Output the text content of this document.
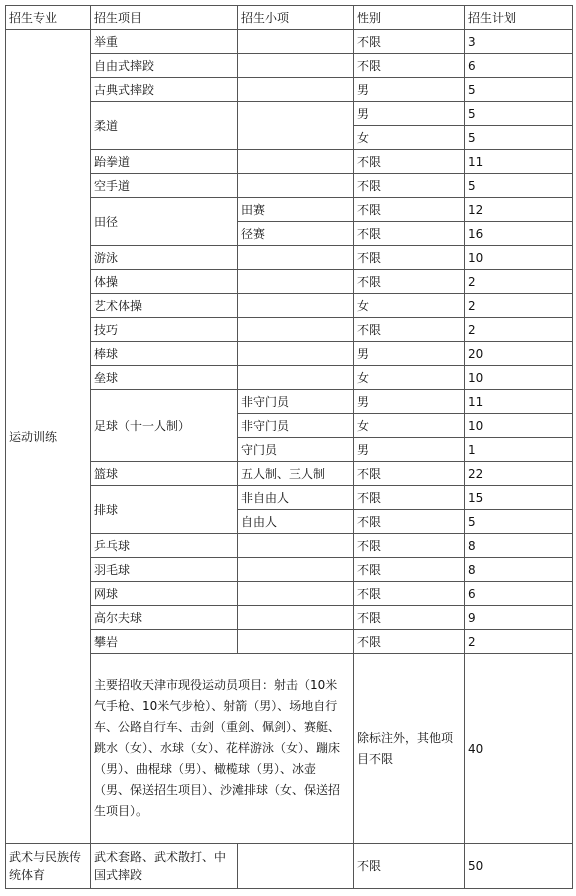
招生专业	招生项目	招生小项	性别	招生计划
运动训练	举重		不限	3
	自由式摔跤		不限	6
	古典式摔跤		男	5
	柔道		男	5
			女	5
	跆拳道		不限	11
	空手道		不限	5
	田径	田赛	不限	12
		径赛	不限	16
	游泳		不限	10
	体操		不限	2
	艺术体操		女	2
	技巧		不限	2
	棒球		男	20
	垒球		女	10
	足球（十一人制）	非守门员	男	11
		非守门员	女	10
		守门员	男	1
	篮球	五人制、三人制	不限	22
	排球	非自由人	不限	15
		自由人	不限	5
	乒乓球		不限	8
	羽毛球		不限	8
	网球		不限	6
	高尔夫球		不限	9
	攀岩		不限	2
	主要招收天津市现役运动员项目：射击（10米气手枪、10米气步枪）、射箭（男）、场地自行车、公路自行车、击剑（重剑、佩剑）、赛艇、跳水（女）、水球（女）、花样游泳（女）、蹦床（男）、曲棍球（男）、橄榄球（男）、冰壶（男、保送招生项目）、沙滩排球（女、保送招生项目）。		除标注外，其他项目不限	40
武术与民族传统体育	武术套路、武术散打、中国式摔跤		不限	50
